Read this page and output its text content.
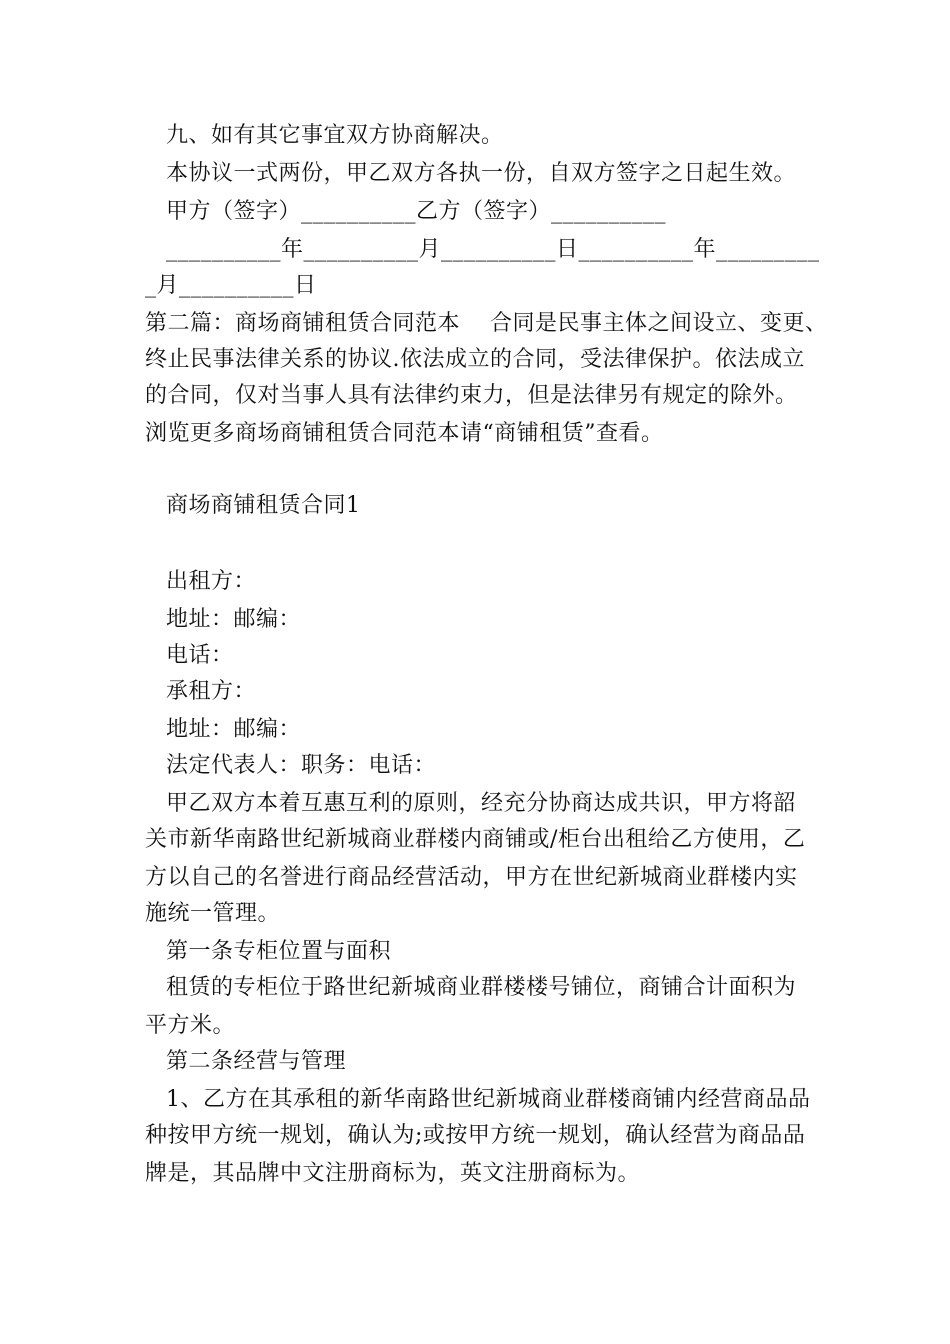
九、如有其它事宜双方协商解决。
本协议一式两份，甲乙双方各执一份，自双方签字之日起生效。
甲方（签字）__________乙方（签字）__________
__________年__________月__________日__________年_________
_月__________日
第二篇：商场商铺租赁合同范本　 合同是民事主体之间设立、变更、
终止民事法律关系的协议.依法成立的合同，受法律保护。依法成立
的合同，仅对当事人具有法律约束力，但是法律另有规定的除外。
浏览更多商场商铺租赁合同范本请“商铺租赁”查看。
商场商铺租赁合同1
出租方：
地址：邮编：
电话：
承租方：
地址：邮编：
法定代表人：职务：电话：
甲乙双方本着互惠互利的原则，经充分协商达成共识，甲方将韶
关市新华南路世纪新城商业群楼内商铺或/柜台出租给乙方使用，乙
方以自己的名誉进行商品经营活动，甲方在世纪新城商业群楼内实
施统一管理。
第一条专柜位置与面积
租赁的专柜位于路世纪新城商业群楼楼号铺位，商铺合计面积为
平方米。
第二条经营与管理
1、乙方在其承租的新华南路世纪新城商业群楼商铺内经营商品品
种按甲方统一规划，确认为;或按甲方统一规划，确认经营为商品品
牌是，其品牌中文注册商标为，英文注册商标为。
